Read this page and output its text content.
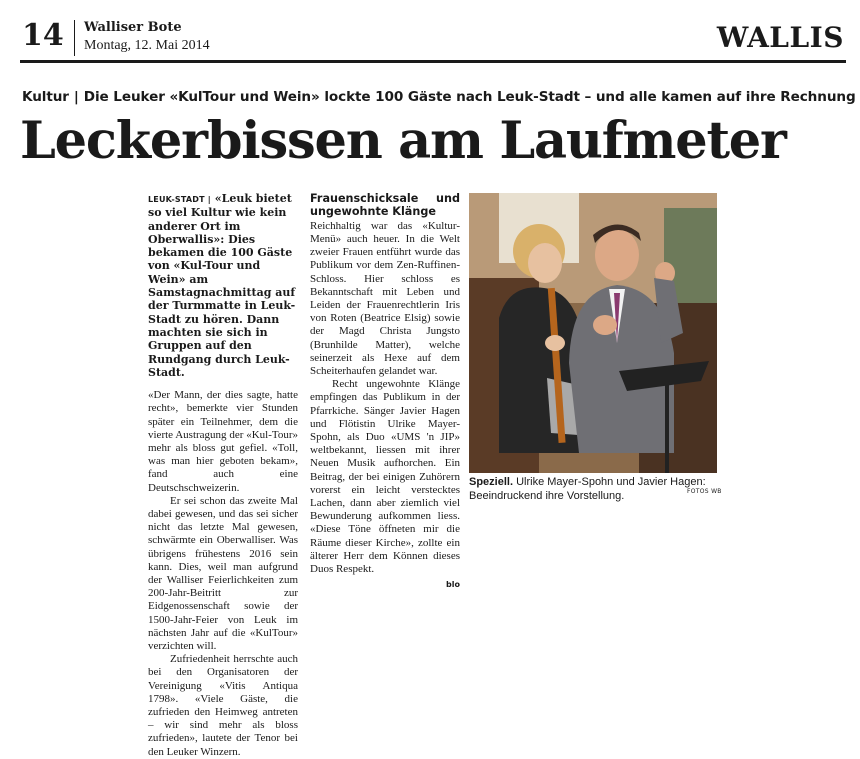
14 Walliser Bote
Montag, 12. Mai 2014	WALLIS
Kultur | Die Leuker «KulTour und Wein» lockte 100 Gäste nach Leuk-Stadt – und alle kamen auf ihre Rechnung
Leckerbissen am Laufmeter

LEUK-STADT | «Leuk bietet so viel Kultur wie kein anderer Ort im Oberwallis»: Dies bekamen die 100 Gäste von «Kul-Tour und Wein» am Samstagnachmittag auf der Turmmatte in Leuk-Stadt zu hören. Dann machten sie sich in Gruppen auf den Rundgang durch Leuk-Stadt.

«Der Mann, der dies sagte, hatte recht», bemerkte vier Stunden später ein Teilnehmer, dem die vierte Austragung der «Kul-Tour» mehr als bloss gut gefiel. «Toll, was man hier geboten bekam», fand auch eine Deutschschweizerin.

Er sei schon das zweite Mal dabei gewesen, und das sei sicher nicht das letzte Mal gewesen, schwärmte ein Oberwalliser. Was übrigens frühestens 2016 sein kann. Dies, weil man aufgrund der Walliser Feierlichkeiten zum 200-Jahr-Beitritt zur Eidgenossenschaft sowie der 1500-Jahr-Feier von Leuk im nächsten Jahr auf die «KulTour» verzichten will.

Zufriedenheit herrschte auch bei den Organisatoren der Vereinigung «Vitis Antiqua 1798». «Viele Gäste, die zufrieden den Heimweg antreten – wir sind mehr als bloss zufrieden», lautete der Tenor bei den Leuker Winzern.

Frauenschicksale und ungewohnte Klänge

Reichhaltig war das «Kultur-Menü» auch heuer. In die Welt zweier Frauen entführt wurde das Publikum vor dem Zen-Ruffinen-Schloss. Hier schloss es Bekanntschaft mit Leben und Leiden der Frauenrechtlerin Iris von Roten (Beatrice Elsig) sowie der Magd Christa Jungsto (Brunhilde Matter), welche seinerzeit als Hexe auf dem Scheiterhaufen gelandet war.

Recht ungewohnte Klänge empfingen das Publikum in der Pfarrkiche. Sänger Javier Hagen und Flötistin Ulrike Mayer-Spohn, als Duo «UMS 'n JIP» weltbekannt, liessen mit ihrer Neuen Musik aufhorchen. Ein Beitrag, der bei einigen Zuhörern vorerst ein leicht verstecktes Lachen, dann aber ziemlich viel Bewunderung aufkommen liess. «Diese Töne öffneten mir die Räume dieser Kirche», zollte ein älterer Herr dem Können dieses Duos Respekt.

blo
Speziell. Ulrike Mayer-Spohn und Javier Hagen: Beeindruckend ihre Vorstellung.	FOTOS WB
